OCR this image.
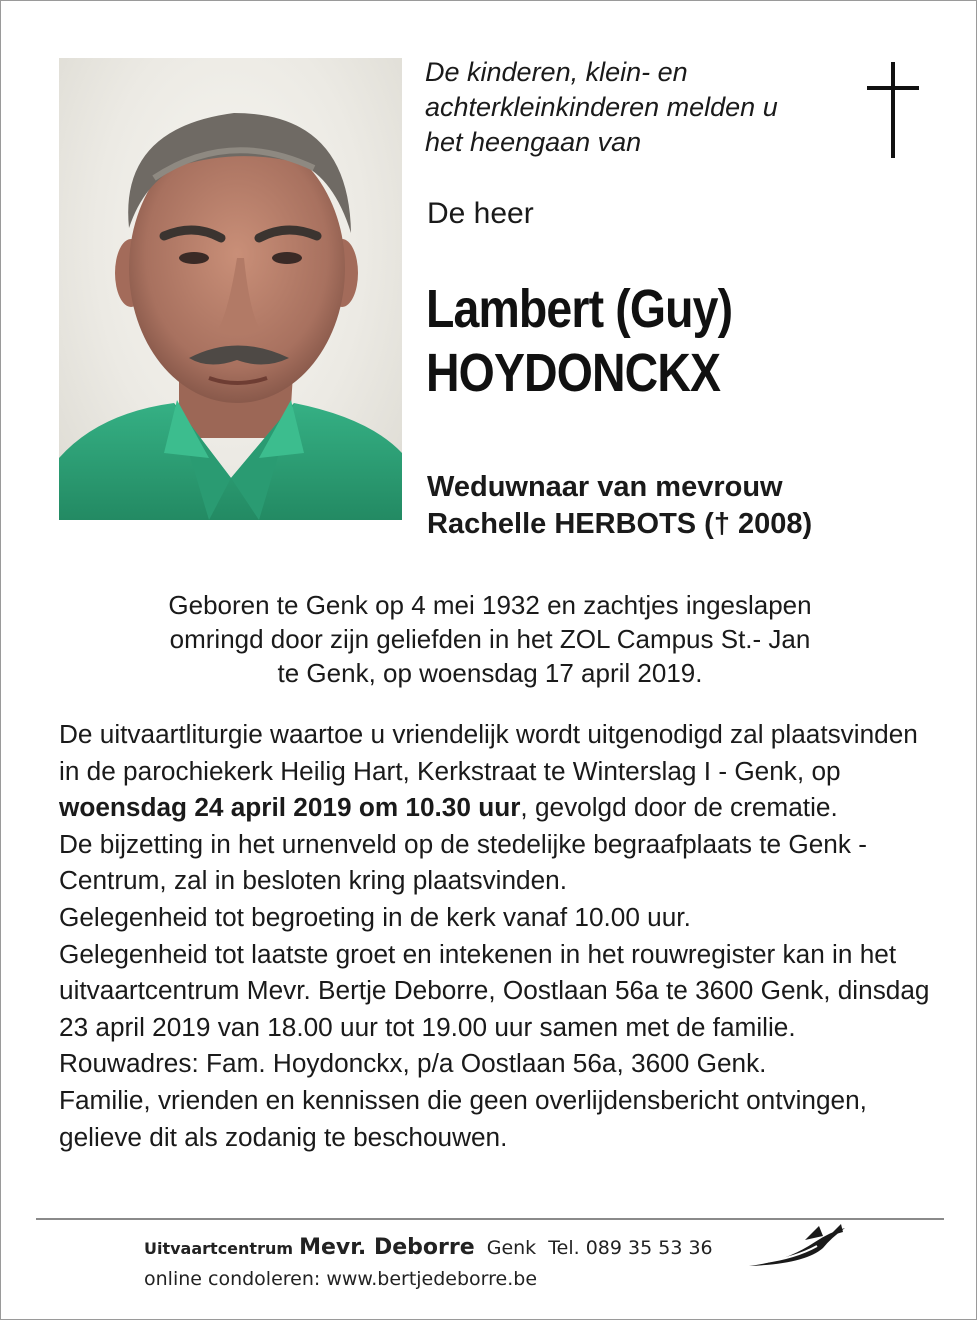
De kinderen, klein- en
achterkleinkinderen melden u
het heengaan van
De heer
Lambert (Guy)
HOYDONCKX
Weduwnaar van mevrouw
Rachelle HERBOTS († 2008)
Geboren te Genk op 4 mei 1932 en zachtjes ingeslapen
omringd door zijn geliefden in het ZOL Campus St.- Jan
te Genk, op woensdag 17 april 2019.

De uitvaartliturgie waartoe u vriendelijk wordt uitgenodigd zal plaatsvinden in de parochiekerk Heilig Hart, Kerkstraat te Winterslag I - Genk, op woensdag 24 april 2019 om 10.30 uur, gevolgd door de crematie.

De bijzetting in het urnenveld op de stedelijke begraafplaats te Genk - Centrum, zal in besloten kring plaatsvinden.

Gelegenheid tot begroeting in de kerk vanaf 10.00 uur.

Gelegenheid tot laatste groet en intekenen in het rouwregister kan in het uitvaartcentrum Mevr. Bertje Deborre, Oostlaan 56a te 3600 Genk, dinsdag 23 april 2019 van 18.00 uur tot 19.00 uur samen met de familie.

Rouwadres: Fam. Hoydonckx, p/a Oostlaan 56a, 3600 Genk.

Familie, vrienden en kennissen die geen overlijdensbericht ontvingen, gelieve dit als zodanig te beschouwen.

Uitvaartcentrum Mevr. Deborre Genk Tel. 089 35 53 36
online condoleren: www.bertjedeborre.be
